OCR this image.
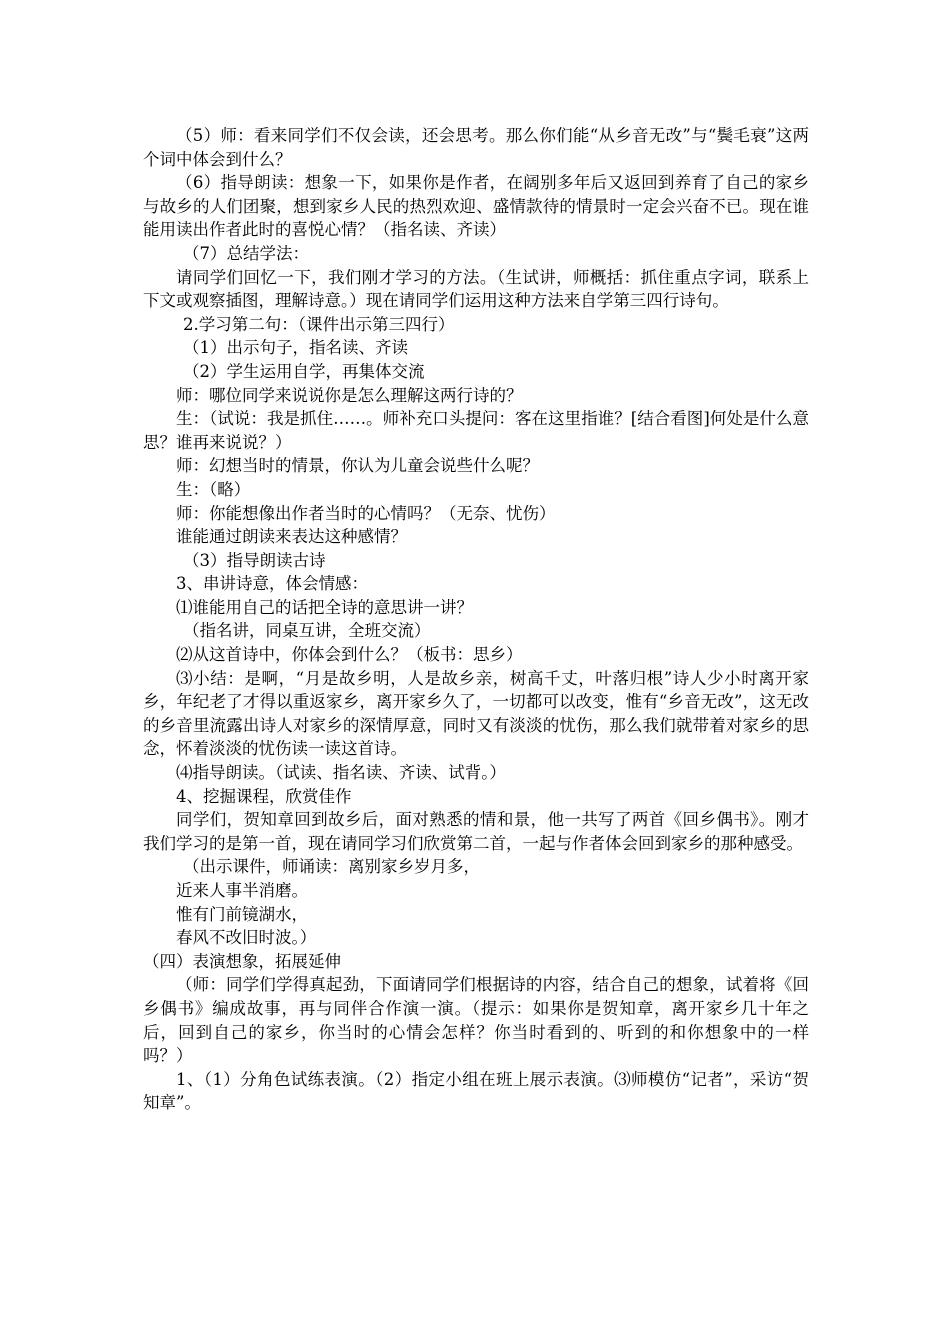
（5）师：看来同学们不仅会读，还会思考。那么你们能“从乡音无改”与“鬓毛衰”这两个词中体会到什么？

（6）指导朗读：想象一下，如果你是作者，在阔别多年后又返回到养育了自己的家乡与故乡的人们团聚，想到家乡人民的热烈欢迎、盛情款待的情景时一定会兴奋不已。现在谁能用读出作者此时的喜悦心情？（指名读、齐读）

（7）总结学法：

请同学们回忆一下，我们刚才学习的方法。（生试讲，师概括：抓住重点字词，联系上下文或观察插图，理解诗意。）现在请同学们运用这种方法来自学第三四行诗句。

2.学习第二句：（课件出示第三四行）

（1）出示句子，指名读、齐读

（2）学生运用自学，再集体交流

师：哪位同学来说说你是怎么理解这两行诗的？

生：（试说：我是抓住……。师补充口头提问：客在这里指谁？[结合看图]何处是什么意思？谁再来说说？）

师：幻想当时的情景，你认为儿童会说些什么呢？

生：（略）

师：你能想像出作者当时的心情吗？（无奈、忧伤）

谁能通过朗读来表达这种感情？

（3）指导朗读古诗

3、串讲诗意，体会情感：

⑴谁能用自己的话把全诗的意思讲一讲？

（指名讲，同桌互讲，全班交流）

⑵从这首诗中，你体会到什么？（板书：思乡）

⑶小结：是啊，“月是故乡明，人是故乡亲，树高千丈，叶落归根”诗人少小时离开家乡，年纪老了才得以重返家乡，离开家乡久了，一切都可以改变，惟有“乡音无改”，这无改的乡音里流露出诗人对家乡的深情厚意，同时又有淡淡的忧伤，那么我们就带着对家乡的思念，怀着淡淡的忧伤读一读这首诗。

⑷指导朗读。（试读、指名读、齐读、试背。）

4、挖掘课程，欣赏佳作

同学们，贺知章回到故乡后，面对熟悉的情和景，他一共写了两首《回乡偶书》。刚才我们学习的是第一首，现在请同学习们欣赏第二首，一起与作者体会回到家乡的那种感受。

（出示课件，师诵读：离别家乡岁月多，

近来人事半消磨。

惟有门前镜湖水，

春风不改旧时波。）

（四）表演想象，拓展延伸

（师：同学们学得真起劲，下面请同学们根据诗的内容，结合自己的想象，试着将《回乡偶书》编成故事，再与同伴合作演一演。（提示：如果你是贺知章，离开家乡几十年之后，回到自己的家乡，你当时的心情会怎样？你当时看到的、听到的和你想象中的一样吗？）

1、（1）分角色试练表演。（2）指定小组在班上展示表演。⑶师模仿“记者”，采访“贺知章”。
